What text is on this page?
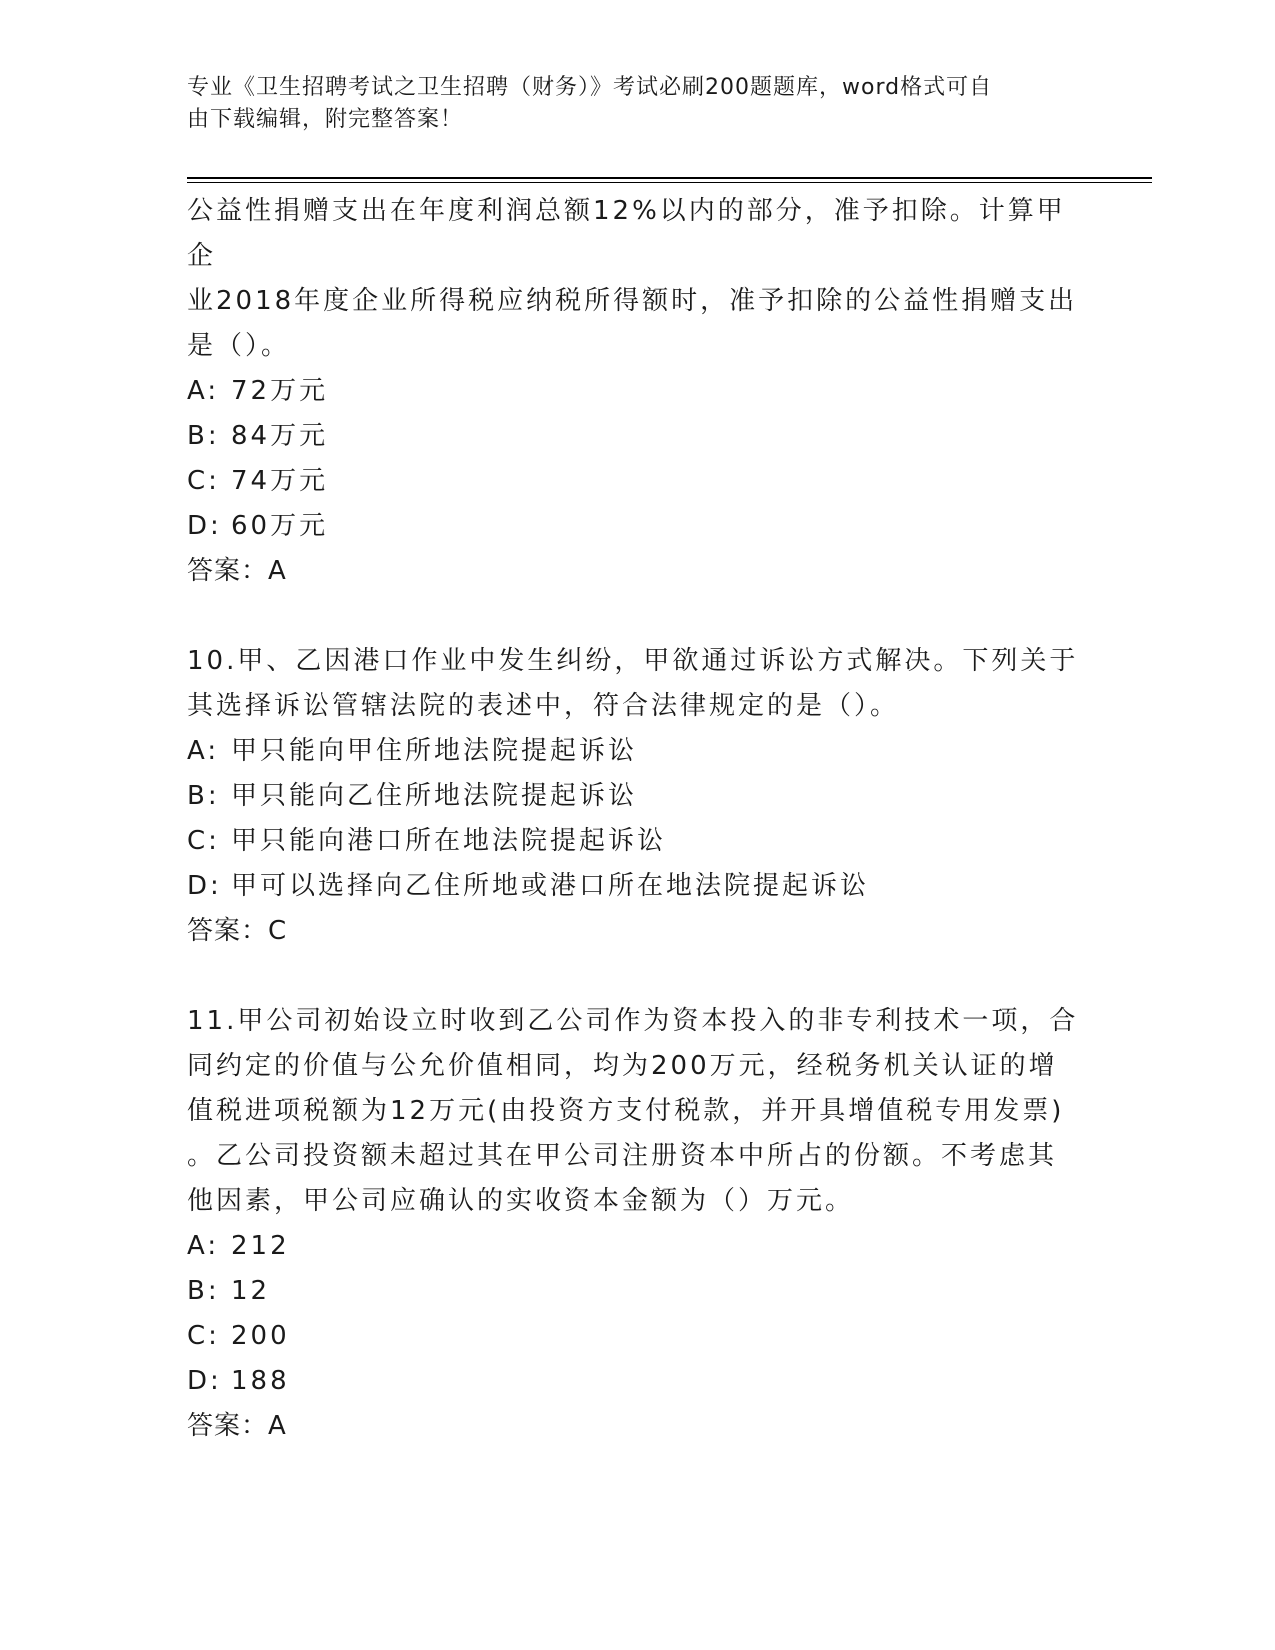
专业《卫生招聘考试之卫生招聘（财务）》考试必刷200题题库，word格式可自
由下载编辑，附完整答案！

公益性捐赠支出在年度利润总额12%以内的部分，准予扣除。计算甲企

业2018年度企业所得税应纳税所得额时，准予扣除的公益性捐赠支出

是（）。

A: 72万元

B: 84万元

C: 74万元

D: 60万元

答案：A

10.甲、乙因港口作业中发生纠纷，甲欲通过诉讼方式解决。下列关于

其选择诉讼管辖法院的表述中，符合法律规定的是（）。

A: 甲只能向甲住所地法院提起诉讼

B: 甲只能向乙住所地法院提起诉讼

C: 甲只能向港口所在地法院提起诉讼

D: 甲可以选择向乙住所地或港口所在地法院提起诉讼

答案：C

11.甲公司初始设立时收到乙公司作为资本投入的非专利技术一项，合

同约定的价值与公允价值相同，均为200万元，经税务机关认证的增

值税进项税额为12万元(由投资方支付税款，并开具增值税专用发票)

。乙公司投资额未超过其在甲公司注册资本中所占的份额。不考虑其

他因素，甲公司应确认的实收资本金额为（）万元。

A: 212

B: 12

C: 200

D: 188

答案：A
